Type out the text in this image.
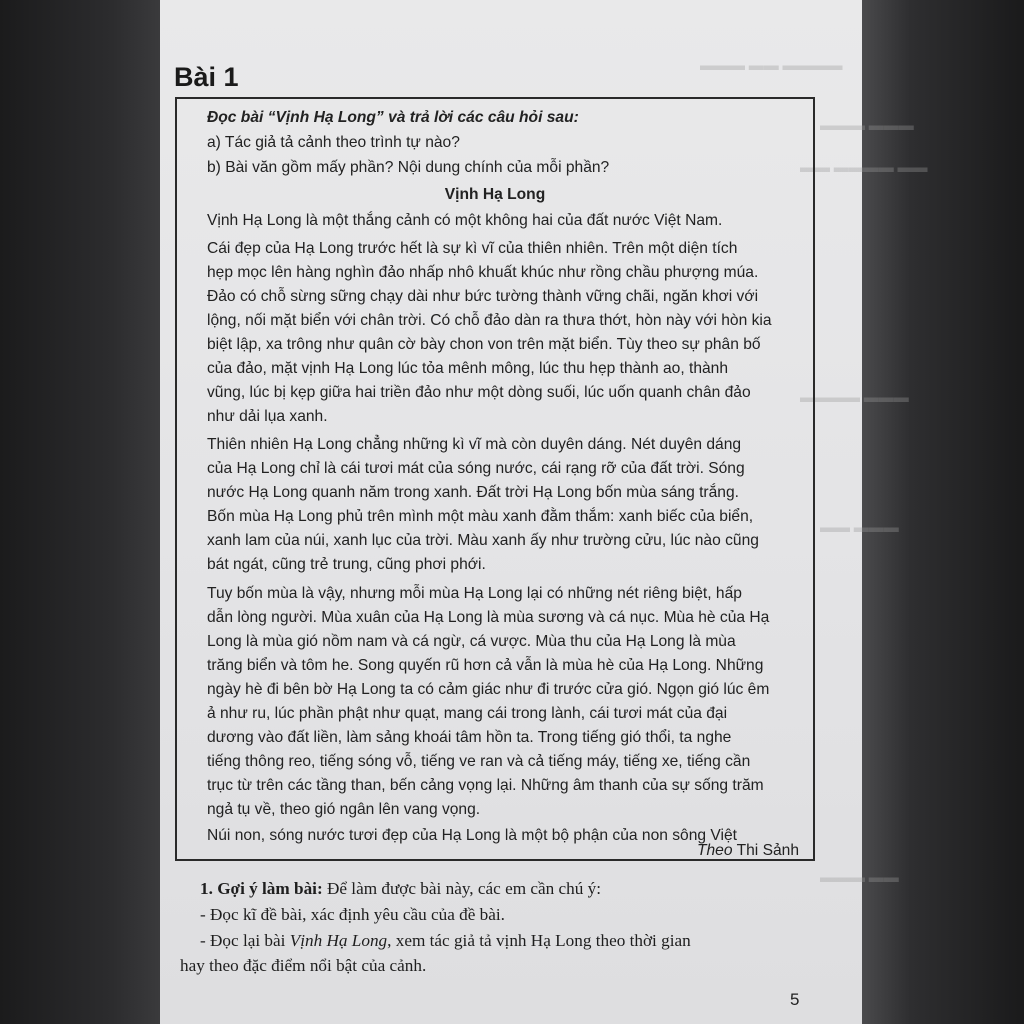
▬▬▬ ▬▬ ▬▬▬▬
▬▬▬ ▬▬▬
▬▬ ▬▬▬▬ ▬▬
▬▬▬▬ ▬▬▬
▬▬ ▬▬▬
▬▬▬ ▬▬
Bài 1
Đọc bài “Vịnh Hạ Long” và trả lời các câu hỏi sau:
a) Tác giả tả cảnh theo trình tự nào?
b) Bài văn gồm mấy phần? Nội dung chính của mỗi phần?
Vịnh Hạ Long
Vịnh Hạ Long là một thắng cảnh có một không hai của đất nước Việt Nam.
Cái đẹp của Hạ Long trước hết là sự kì vĩ của thiên nhiên. Trên một diện tích
hẹp mọc lên hàng nghìn đảo nhấp nhô khuất khúc như rồng chầu phượng múa.
Đảo có chỗ sừng sững chạy dài như bức tường thành vững chãi, ngăn khơi với
lộng, nối mặt biển với chân trời. Có chỗ đảo dàn ra thưa thớt, hòn này với hòn kia
biệt lập, xa trông như quân cờ bày chon von trên mặt biển. Tùy theo sự phân bố
của đảo, mặt vịnh Hạ Long lúc tỏa mênh mông, lúc thu hẹp thành ao, thành
vũng, lúc bị kẹp giữa hai triền đảo như một dòng suối, lúc uốn quanh chân đảo
như dải lụa xanh.
Thiên nhiên Hạ Long chẳng những kì vĩ mà còn duyên dáng. Nét duyên dáng
của Hạ Long chỉ là cái tươi mát của sóng nước, cái rạng rỡ của đất trời. Sóng
nước Hạ Long quanh năm trong xanh. Đất trời Hạ Long bốn mùa sáng trắng.
Bốn mùa Hạ Long phủ trên mình một màu xanh đằm thắm: xanh biếc của biển,
xanh lam của núi, xanh lục của trời. Màu xanh ấy như trường cửu, lúc nào cũng
bát ngát, cũng trẻ trung, cũng phơi phới.
Tuy bốn mùa là vậy, nhưng mỗi mùa Hạ Long lại có những nét riêng biệt, hấp
dẫn lòng người. Mùa xuân của Hạ Long là mùa sương và cá nục. Mùa hè của Hạ
Long là mùa gió nồm nam và cá ngừ, cá vược. Mùa thu của Hạ Long là mùa
trăng biển và tôm he. Song quyến rũ hơn cả vẫn là mùa hè của Hạ Long. Những
ngày hè đi bên bờ Hạ Long ta có cảm giác như đi trước cửa gió. Ngọn gió lúc êm
ả như ru, lúc phần phật như quạt, mang cái trong lành, cái tươi mát của đại
dương vào đất liền, làm sảng khoái tâm hồn ta. Trong tiếng gió thổi, ta nghe
tiếng thông reo, tiếng sóng vỗ, tiếng ve ran và cả tiếng máy, tiếng xe, tiếng cần
trục từ trên các tầng than, bến cảng vọng lại. Những âm thanh của sự sống trăm
ngả tụ về, theo gió ngân lên vang vọng.
Núi non, sóng nước tươi đẹp của Hạ Long là một bộ phận của non sông Việt
Theo Thi Sảnh
1. Gợi ý làm bài: Để làm được bài này, các em cần chú ý:
- Đọc kĩ đề bài, xác định yêu cầu của đề bài.
- Đọc lại bài Vịnh Hạ Long, xem tác giả tả vịnh Hạ Long theo thời gian
hay theo đặc điểm nổi bật của cảnh.
5
